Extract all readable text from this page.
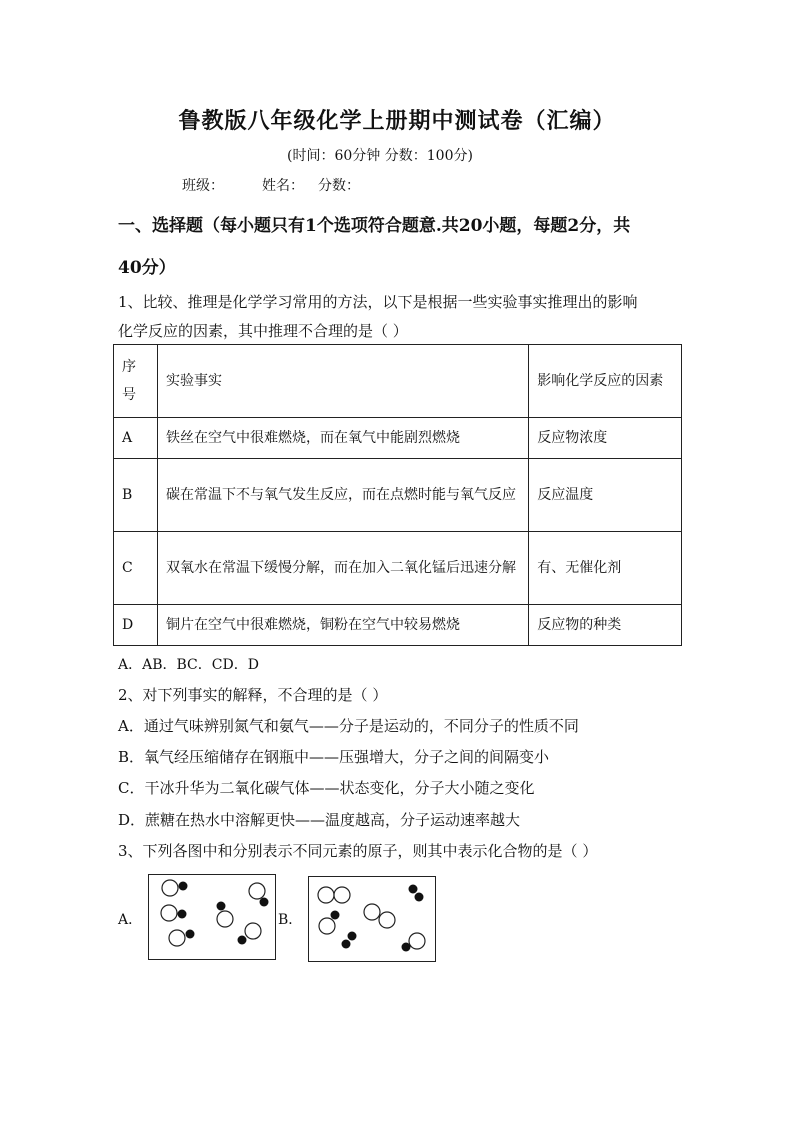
鲁教版八年级化学上册期中测试卷（汇编）
(时间：60分钟 分数：100分)
班级：	姓名： 分数：
一、选择题（每小题只有1个选项符合题意.共20小题，每题2分，共
40分）
1、比较、推理是化学学习常用的方法，以下是根据一些实验事实推理出的影响
化学反应的因素，其中推理不合理的是（ ）
序号	实验事实	影响化学反应的因素
A	铁丝在空气中很难燃烧，而在氧气中能剧烈燃烧	反应物浓度
B	碳在常温下不与氧气发生反应，而在点燃时能与氧气反应	反应温度
C	双氧水在常温下缓慢分解，而在加入二氧化锰后迅速分解	有、无催化剂
D	铜片在空气中很难燃烧，铜粉在空气中较易燃烧	反应物的种类
A．AB．BC．CD．D
2、对下列事实的解释，不合理的是（ ）
A．通过气味辨别氮气和氨气——分子是运动的，不同分子的性质不同
B．氧气经压缩储存在钢瓶中——压强增大，分子之间的间隔变小
C．干冰升华为二氧化碳气体——状态变化，分子大小随之变化
D．蔗糖在热水中溶解更快——温度越高，分子运动速率越大
3、下列各图中和分别表示不同元素的原子，则其中表示化合物的是（ ）
A．	B．
